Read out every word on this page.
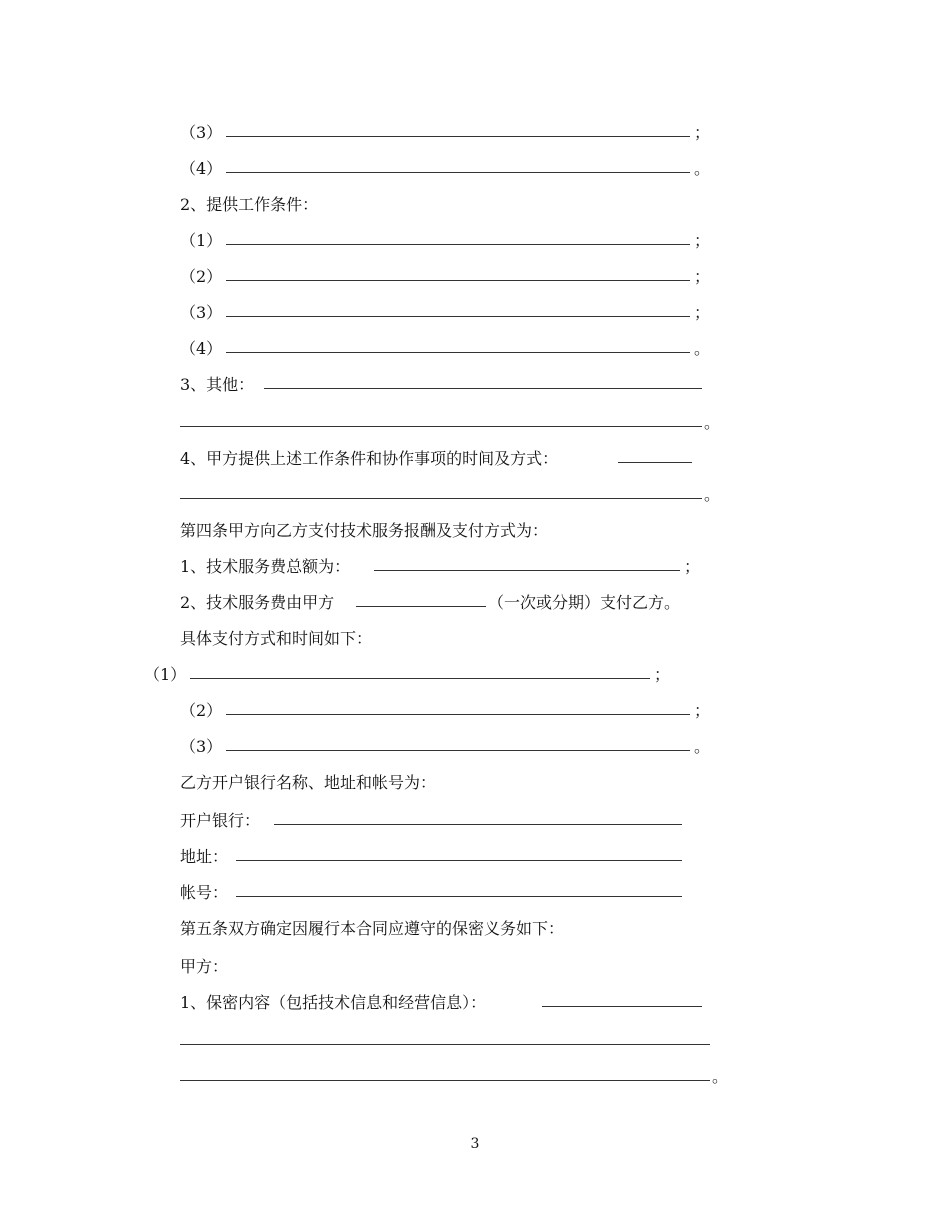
（3）	；
（4）	。
2、提供工作条件：
（1）	；
（2）	；
（3）	；
（4）	。
3、其他：
。
4、甲方提供上述工作条件和协作事项的时间及方式：
。
第四条甲方向乙方支付技术服务报酬及支付方式为：
1、技术服务费总额为：	；
2、技术服务费由甲方	（一次或分期）支付乙方。
具体支付方式和时间如下：
（1）	；
（2）	；
（3）	。
乙方开户银行名称、地址和帐号为：
开户银行：
地址：
帐号：
第五条双方确定因履行本合同应遵守的保密义务如下：
甲方：
1、保密内容（包括技术信息和经营信息）：
。
3
